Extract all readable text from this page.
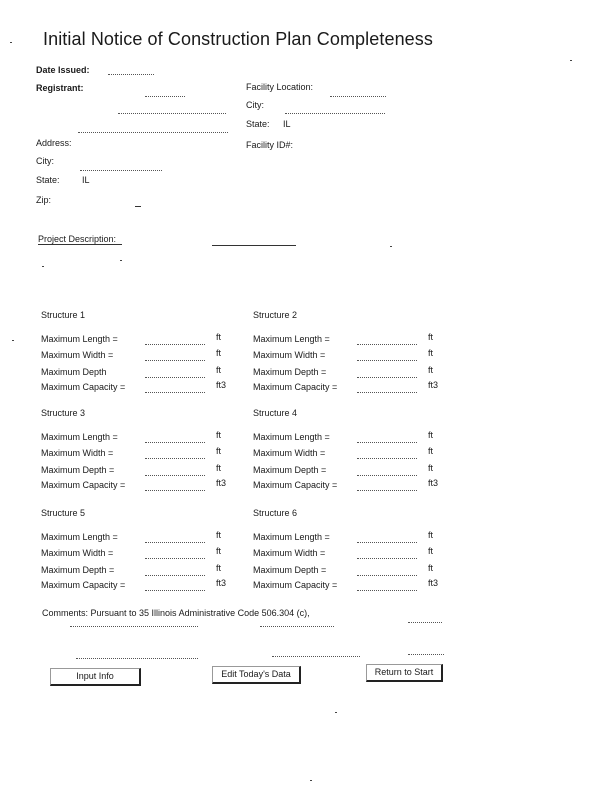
Initial Notice of Construction Plan Completeness
Date Issued:
Registrant:	Facility Location:
City:
State: IL
Address:	Facility ID#:
City:
State: IL
Zip:
Project Description:
Structure 1
Maximum Length =	ft
Maximum Width =	ft
Maximum Depth	ft
Maximum Capacity =	ft3
Structure 2
Maximum Length =	ft
Maximum Width =	ft
Maximum Depth =	ft
Maximum Capacity =	ft3
Structure 3
Maximum Length =	ft
Maximum Width =	ft
Maximum Depth =	ft
Maximum Capacity =	ft3
Structure 4
Maximum Length =	ft
Maximum Width =	ft
Maximum Depth =	ft
Maximum Capacity =	ft3
Structure 5
Maximum Length =	ft
Maximum Width =	ft
Maximum Depth =	ft
Maximum Capacity =	ft3
Structure 6
Maximum Length =	ft
Maximum Width =	ft
Maximum Depth =	ft
Maximum Capacity =	ft3
Comments: Pursuant to 35 Illinois Administrative Code 506.304 (c),
Input Info	Edit Today's Data	Return to Start
